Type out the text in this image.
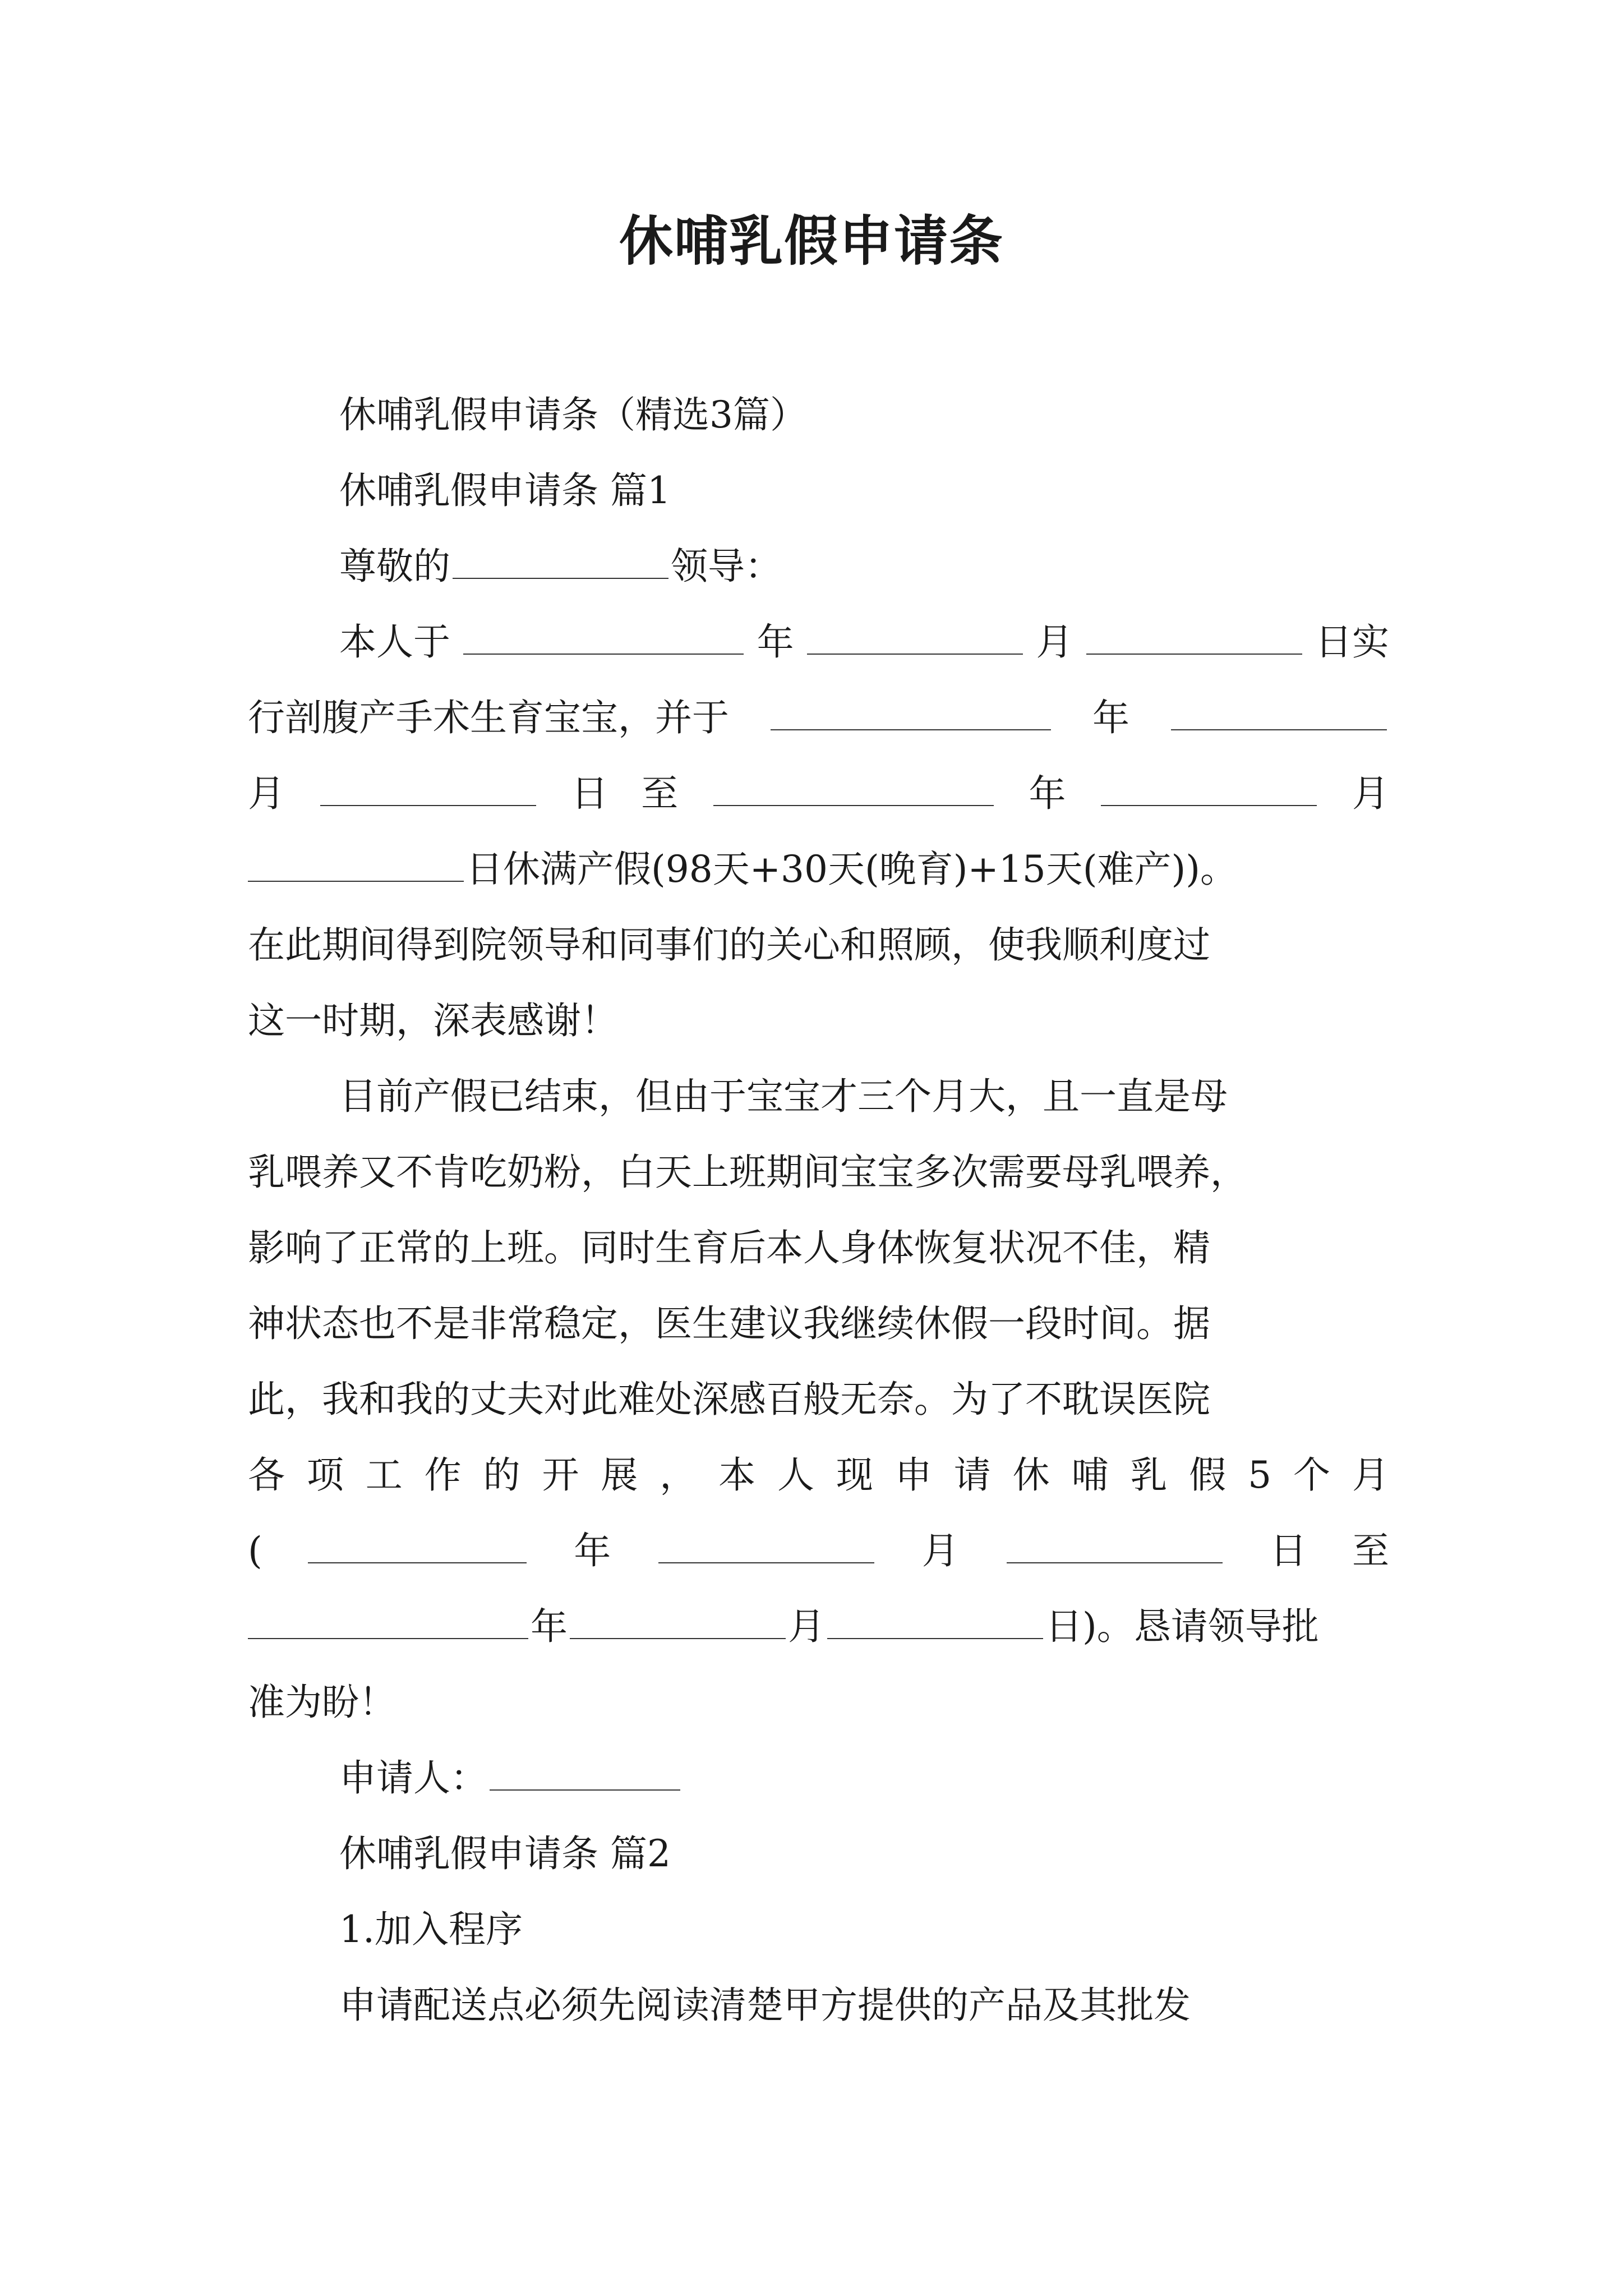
休哺乳假申请条
休哺乳假申请条（精选3篇）
休哺乳假申请条 篇1
尊敬的	领导：
本人于	年	月	日实
行剖腹产手术生育宝宝，并于	年
月	日 至	年	月
日休满产假(98天+30天(晚育)+15天(难产))。
在此期间得到院领导和同事们的关心和照顾，使我顺利度过
这一时期，深表感谢！
目前产假已结束，但由于宝宝才三个月大，且一直是母
乳喂养又不肯吃奶粉，白天上班期间宝宝多次需要母乳喂养，
影响了正常的上班。同时生育后本人身体恢复状况不佳，精
神状态也不是非常稳定，医生建议我继续休假一段时间。据
此，我和我的丈夫对此难处深感百般无奈。为了不耽误医院
各 项 工 作 的 开 展 ， 本 人 现 申 请 休 哺 乳 假 5 个 月
(	年	月	日 至
年	月	日)。恳请领导批
准为盼！
申请人：
休哺乳假申请条 篇2
1.加入程序
申请配送点必须先阅读清楚甲方提供的产品及其批发
